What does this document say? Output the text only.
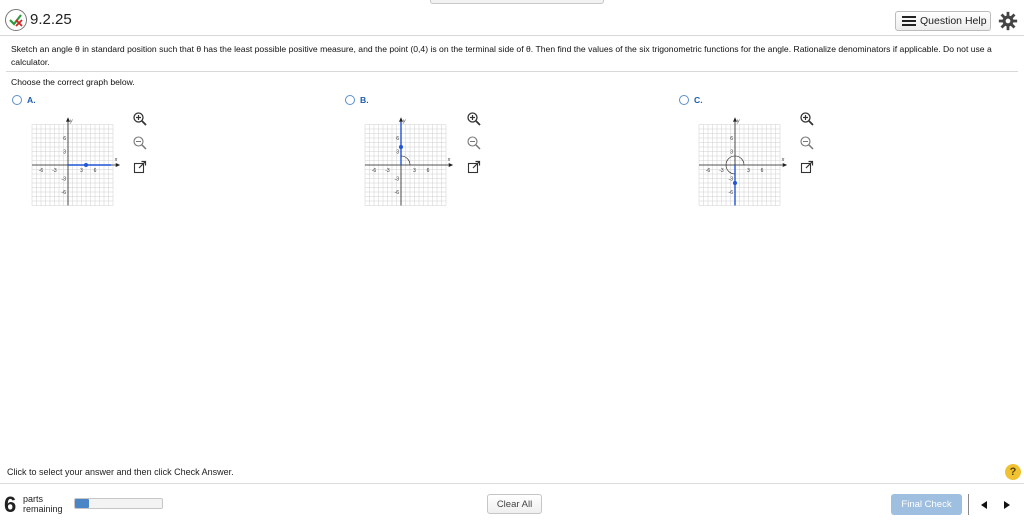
9.2.25	Question Help
Sketch an angle θ in standard position such that θ has the least possible positive measure, and the point (0,4) is on the terminal side of θ. Then find the values of the six trigonometric functions for the angle. Rationalize denominators if applicable. Do not use a calculator.
Choose the correct graph below.
A.
x
y
-6
-6
-3
-3
3
3
6
6
B.
x
y
-6
-6
-3
-3
3
3
6
6
C.
x
y
-6
-6
-3
-3
3
3
6
6
Click to select your answer and then click Check Answer.	?
6 parts
remaining	Clear All	Final Check
